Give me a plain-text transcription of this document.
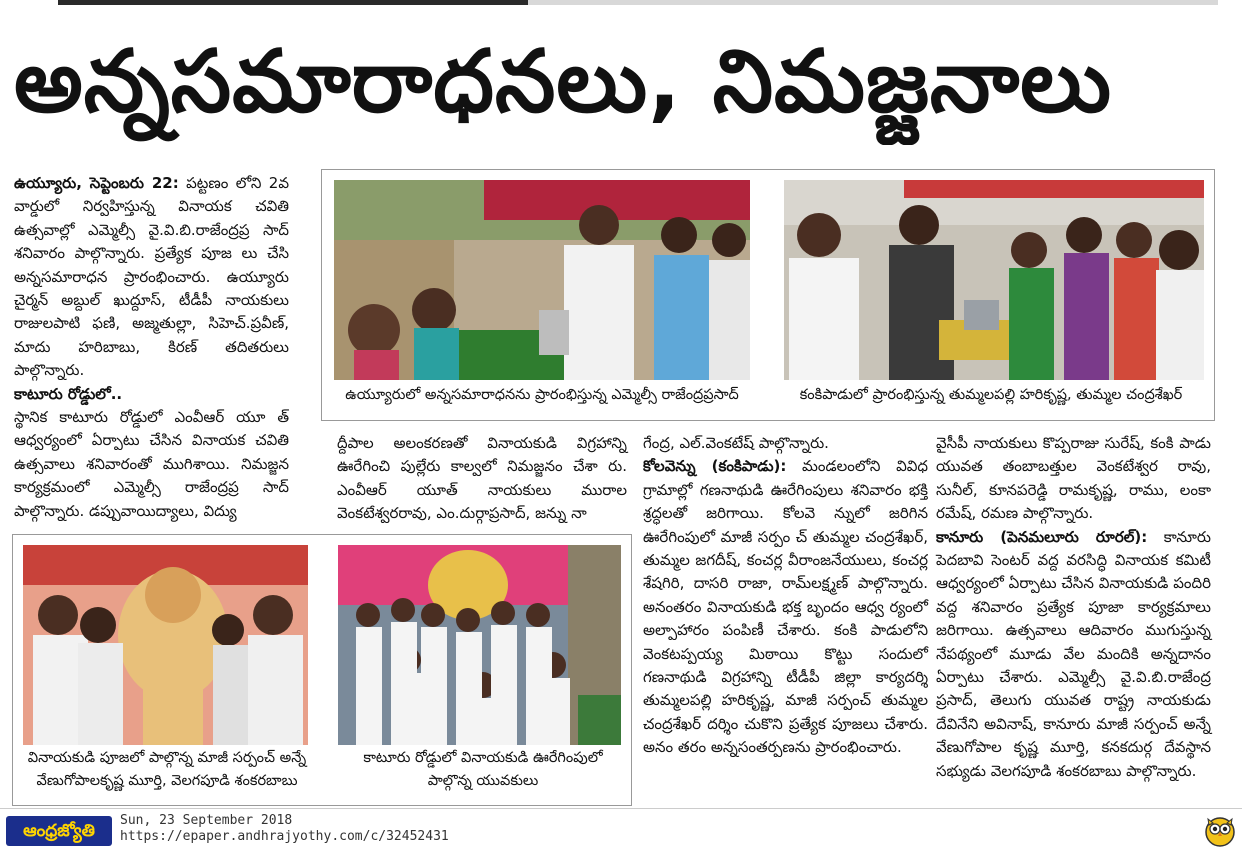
అన్నసమారాధనలు, నిమజ్జనాలు

ఉయ్యూరు, సెప్టెంబరు 22: పట్టణం లోని 2వ వార్డులో నిర్వహిస్తున్న వినాయక చవితి ఉత్సవాల్లో ఎమ్మెల్సీ వై.వి.బి.రాజేంద్రప్ర సాద్ శనివారం పాల్గొన్నారు. ప్రత్యేక పూజ లు చేసి అన్నసమారాధన ప్రారంభించారు. ఉయ్యూరు చైర్మన్ అబ్దుల్ ఖుద్దూస్, టీడీపీ నాయకులు రాజులపాటి ఫణి, అజ్మతుల్లా, సిహెచ్.ప్రవీణ్, మాదు హరిబాబు, కిరణ్ తదితరులు పాల్గొన్నారు.

కాటూరు రోడ్డులో..

స్థానిక కాటూరు రోడ్డులో ఎంవీఆర్ యూ త్ ఆధ్వర్యంలో ఏర్పాటు చేసిన వినాయక చవితి ఉత్సవాలు శనివారంతో ముగిశాయి. నిమజ్జన కార్యక్రమంలో ఎమ్మెల్సీ రాజేంద్రప్ర సాద్ పాల్గొన్నారు. డప్పువాయిద్యాలు, విద్యు

ఉయ్యూరులో అన్నసమారాధనను ప్రారంభిస్తున్న ఎమ్మెల్సీ రాజేంద్రప్రసాద్	కంకిపాడులో ప్రారంభిస్తున్న తుమ్మలపల్లి హరికృష్ణ, తుమ్మల చంద్రశేఖర్

ద్దీపాల అలంకరణతో వినాయకుడి విగ్రహాన్ని ఊరేగించి పుల్లేరు కాల్వలో నిమజ్జనం చేశా రు. ఎంవీఆర్ యూత్ నాయకులు మురాల వెంకటేశ్వరరావు, ఎం.దుర్గాప్రసాద్, జన్ను నా

గేంద్ర, ఎల్.వెంకటేష్ పాల్గొన్నారు.

కోలవెన్ను (కంకిపాడు): మండలంలోని వివిధ గ్రామాల్లో గణనాథుడి ఊరేగింపులు శనివారం భక్తి శ్రద్ధలతో జరిగాయి. కోలవె న్నులో జరిగిన ఊరేగింపులో మాజీ సర్పం చ్ తుమ్మల చంద్రశేఖర్, తుమ్మల జగదీష్, కంచర్ల వీరాంజనేయులు, కంచర్ల శేషగిరి, దాసరి రాజా, రామ్‌లక్ష్మణ్ పాల్గొన్నారు. అనంతరం వినాయకుడి భక్త బృందం ఆధ్వ ర్యంలో అల్పాహారం పంపిణీ చేశారు. కంకి పాడులోని వెంకటప్పయ్య మిఠాయి కొట్టు సందులో గణనాథుడి విగ్రహాన్ని టీడీపీ జిల్లా కార్యదర్శి తుమ్మలపల్లి హరికృష్ణ, మాజీ సర్పంచ్ తుమ్మల చంద్రశేఖర్ దర్శిం చుకొని ప్రత్యేక పూజలు చేశారు. అనం తరం అన్నసంతర్పణను ప్రారంభించారు.

వైసీపీ నాయకులు కొప్పరాజు సురేష్, కంకి పాడు యువత తంబాబత్తుల వెంకటేశ్వర రావు, సునీల్, కూనపరెడ్డి రామకృష్ణ, రాము, లంకా రమేష్, రమణ పాల్గొన్నారు.

కానూరు (పెనమలూరు రూరల్): కానూరు పెదబావి సెంటర్ వద్ద వరసిద్ధి వినాయక కమిటీ ఆధ్వర్యంలో ఏర్పాటు చేసిన వినాయకుడి పందిరి వద్ద శనివారం ప్రత్యేక పూజా కార్యక్రమాలు జరిగాయి. ఉత్సవాలు ఆదివారం ముగుస్తున్న నేపథ్యంలో మూడు వేల మందికి అన్నదానం ఏర్పాటు చేశారు. ఎమ్మెల్సీ వై.వి.బి.రాజేంద్ర ప్రసాద్, తెలుగు యువత రాష్ట్ర నాయకుడు దేవినేని అవినాష్, కానూరు మాజీ సర్పంచ్ అన్నే వేణుగోపాల కృష్ణ మూర్తి, కనకదుర్గ దేవస్థాన సభ్యుడు వెలగపూడి శంకరబాబు పాల్గొన్నారు.

వినాయకుడి పూజలో పాల్గొన్న మాజీ సర్పంచ్ అన్నే వేణుగోపాలకృష్ణ మూర్తి, వెలగపూడి శంకరబాబు
కాటూరు రోడ్డులో వినాయకుడి ఊరేగింపులో పాల్గొన్న యువకులు
ఆంధ్రజ్యోతి
Sun, 23 September 2018
https://epaper.andhrajyothy.com/c/32452431
